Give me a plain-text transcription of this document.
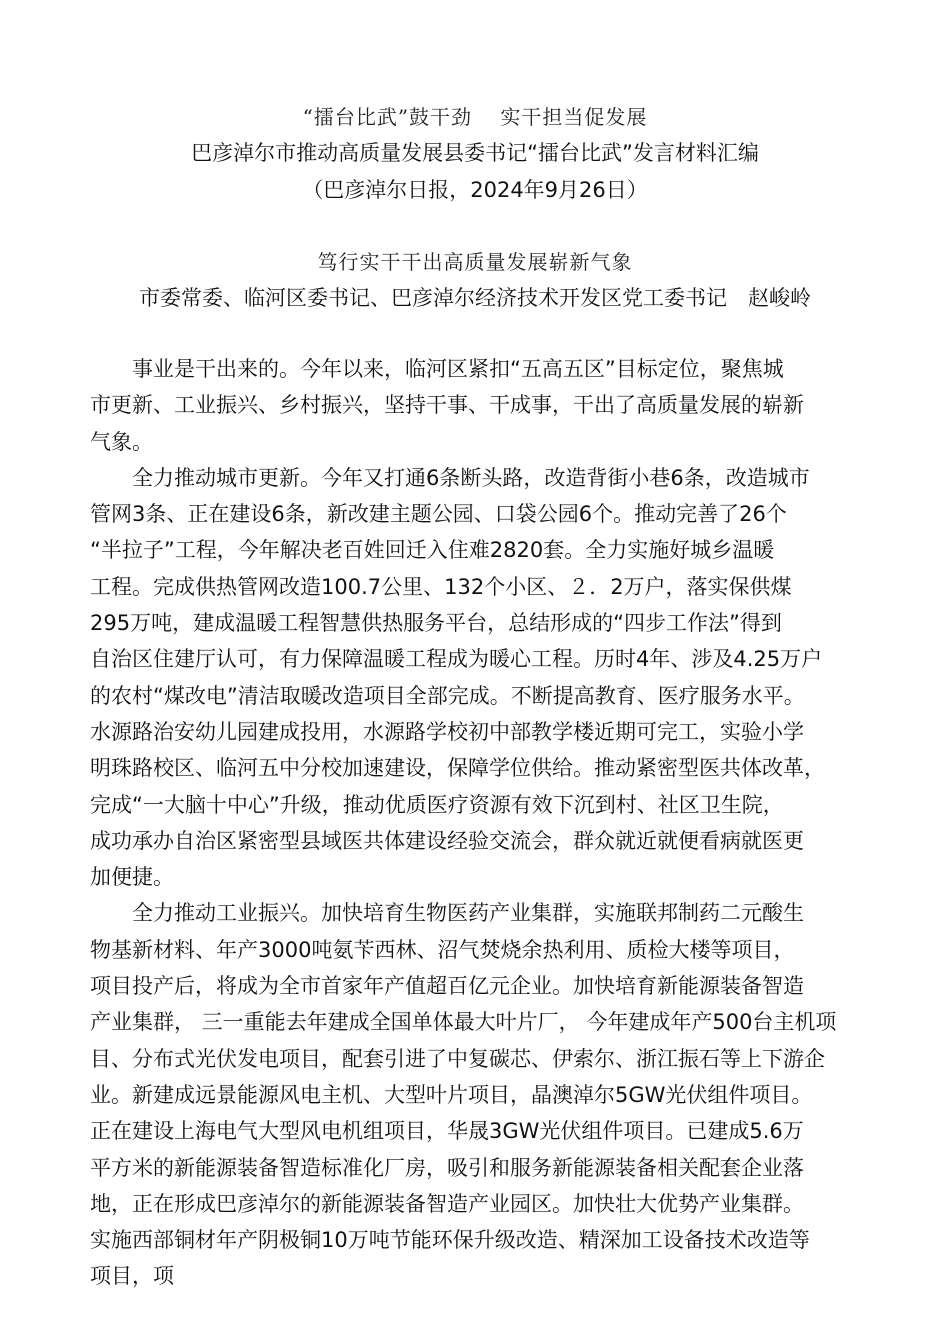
“擂台比武”鼓干劲　 实干担当促发展
巴彦淖尔市推动高质量发展县委书记“擂台比武”发言材料汇编
（巴彦淖尔日报，2024年9月26日）
笃行实干干出高质量发展崭新气象
市委常委、临河区委书记、巴彦淖尔经济技术开发区党工委书记　赵峻岭
事业是干出来的。今年以来，临河区紧扣“五高五区”目标定位，聚焦城
市更新、工业振兴、乡村振兴，坚持干事、干成事，干出了高质量发展的崭新
气象。
全力推动城市更新。今年又打通6条断头路，改造背街小巷6条，改造城市
管网3条、正在建设6条，新改建主题公园、口袋公园6个。推动完善了26个
“半拉子”工程，今年解决老百姓回迁入住难2820套。全力实施好城乡温暖
工程。完成供热管网改造100.7公里、132个小区、２．2万户，落实保供煤
295万吨，建成温暖工程智慧供热服务平台，总结形成的“四步工作法”得到
自治区住建厅认可，有力保障温暖工程成为暖心工程。历时4年、涉及4.25万户
的农村“煤改电”清洁取暖改造项目全部完成。不断提高教育、医疗服务水平。
水源路治安幼儿园建成投用，水源路学校初中部教学楼近期可完工，实验小学
明珠路校区、临河五中分校加速建设，保障学位供给。推动紧密型医共体改革，
完成“一大脑十中心”升级，推动优质医疗资源有效下沉到村、社区卫生院，
成功承办自治区紧密型县域医共体建设经验交流会，群众就近就便看病就医更
加便捷。
全力推动工业振兴。加快培育生物医药产业集群，实施联邦制药二元酸生
物基新材料、年产3000吨氨苄西林、沼气焚烧余热利用、质检大楼等项目，
项目投产后，将成为全市首家年产值超百亿元企业。加快培育新能源装备智造
产业集群， 三一重能去年建成全国单体最大叶片厂， 今年建成年产500台主机项
目、分布式光伏发电项目，配套引进了中复碳芯、伊索尔、浙江振石等上下游企
业。新建成远景能源风电主机、大型叶片项目，晶澳淖尔5GW光伏组件项目。
正在建设上海电气大型风电机组项目，华晟3GW光伏组件项目。已建成5.6万
平方米的新能源装备智造标准化厂房，吸引和服务新能源装备相关配套企业落
地，正在形成巴彦淖尔的新能源装备智造产业园区。加快壮大优势产业集群。
实施西部铜材年产阴极铜10万吨节能环保升级改造、精深加工设备技术改造等
项目，项
